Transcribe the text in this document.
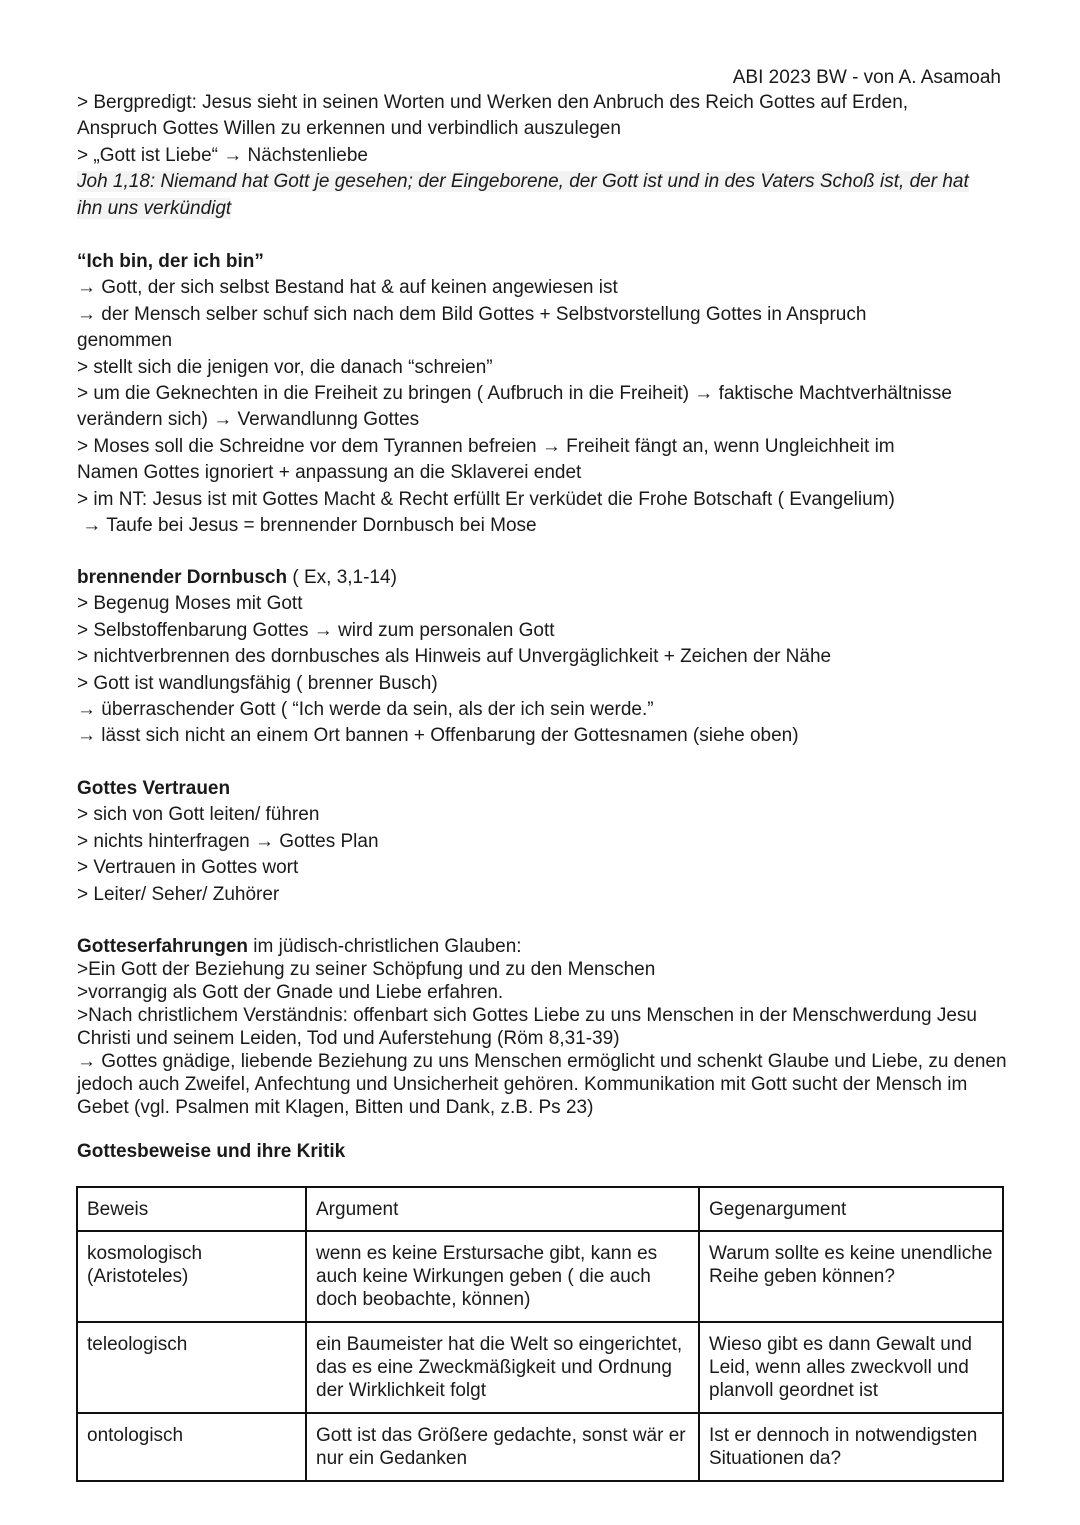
ABI 2023 BW - von A. Asamoah

> Bergpredigt: Jesus sieht in seinen Worten und Werken den Anbruch des Reich Gottes auf Erden,

Anspruch Gottes Willen zu erkennen und verbindlich auszulegen

> „Gott ist Liebe“ → Nächstenliebe

Joh 1,18: Niemand hat Gott je gesehen; der Eingeborene, der Gott ist und in des Vaters Schoß ist, der hat ihn uns verkündigt

“Ich bin, der ich bin”

→ Gott, der sich selbst Bestand hat & auf keinen angewiesen ist

→ der Mensch selber schuf sich nach dem Bild Gottes + Selbstvorstellung Gottes in Anspruch genommen

> stellt sich die jenigen vor, die danach “schreien”

> um die Geknechten in die Freiheit zu bringen ( Aufbruch in die Freiheit) → faktische Machtverhältnisse verändern sich) → Verwandlunng Gottes

> Moses soll die Schreidne vor dem Tyrannen befreien → Freiheit fängt an, wenn Ungleichheit im Namen Gottes ignoriert + anpassung an die Sklaverei endet

> im NT: Jesus ist mit Gottes Macht & Recht erfüllt Er verküdet die Frohe Botschaft ( Evangelium)

→ Taufe bei Jesus = brennender Dornbusch bei Mose

brennender Dornbusch ( Ex, 3,1-14)

> Begenug Moses mit Gott

> Selbstoffenbarung Gottes → wird zum personalen Gott

> nichtverbrennen des dornbusches als Hinweis auf Unvergäglichkeit + Zeichen der Nähe

> Gott ist wandlungsfähig ( brenner Busch)

→ überraschender Gott ( “Ich werde da sein, als der ich sein werde.”

→ lässt sich nicht an einem Ort bannen + Offenbarung der Gottesnamen (siehe oben)

Gottes Vertrauen

> sich von Gott leiten/ führen

> nichts hinterfragen → Gottes Plan

> Vertrauen in Gottes wort

> Leiter/ Seher/ Zuhörer

Gotteserfahrungen im jüdisch-christlichen Glauben:

>Ein Gott der Beziehung zu seiner Schöpfung und zu den Menschen

>vorrangig als Gott der Gnade und Liebe erfahren.

>Nach christlichem Verständnis: offenbart sich Gottes Liebe zu uns Menschen in der Menschwerdung Jesu Christi und seinem Leiden, Tod und Auferstehung (Röm 8,31-39)

→ Gottes gnädige, liebende Beziehung zu uns Menschen ermöglicht und schenkt Glaube und Liebe, zu denen jedoch auch Zweifel, Anfechtung und Unsicherheit gehören. Kommunikation mit Gott sucht der Mensch im Gebet (vgl. Psalmen mit Klagen, Bitten und Dank, z.B. Ps 23)

Gottesbeweise und ihre Kritik
Beweis	Argument	Gegenargument
kosmologisch (Aristoteles)	wenn es keine Erstursache gibt, kann es auch keine Wirkungen geben ( die auch doch beobachte, können)	Warum sollte es keine unendliche Reihe geben können?
teleologisch	ein Baumeister hat die Welt so eingerichtet, das es eine Zweckmäßigkeit und Ordnung der Wirklichkeit folgt	Wieso gibt es dann Gewalt und Leid, wenn alles zweckvoll und planvoll geordnet ist
ontologisch	Gott ist das Größere gedachte, sonst wär er nur ein Gedanken	Ist er dennoch in notwendigsten Situationen da?
